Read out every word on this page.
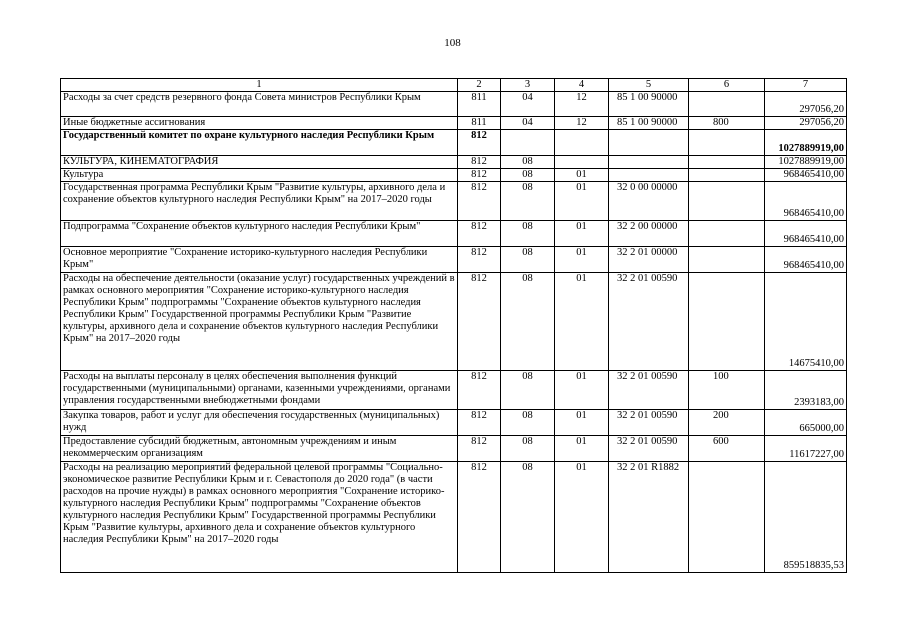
108
1	2	3	4	5	6	7
Расходы за счет средств резервного фонда Совета министров Республики Крым	811	04	12	85 1 00 90000		297056,20
Иные бюджетные ассигнования	811	04	12	85 1 00 90000	800	297056,20
Государственный комитет по охране культурного наследия Республики Крым	812					1027889919,00
КУЛЬТУРА, КИНЕМАТОГРАФИЯ	812	08				1027889919,00
Культура	812	08	01			968465410,00
Государственная программа Республики Крым "Развитие культуры, архивного дела и сохранение объектов культурного наследия Республики Крым" на 2017–2020 годы	812	08	01	32 0 00 00000		968465410,00
Подпрограмма "Сохранение объектов культурного наследия Республики Крым"	812	08	01	32 2 00 00000		968465410,00
Основное мероприятие "Сохранение историко-культурного наследия Республики Крым"	812	08	01	32 2 01 00000		968465410,00
Расходы на обеспечение деятельности (оказание услуг) государственных учреждений в рамках основного мероприятия "Сохранение историко-культурного наследия Республики Крым" подпрограммы "Сохранение объектов культурного наследия Республики Крым" Государственной программы Республики Крым "Развитие культуры, архивного дела и сохранение объектов культурного наследия Республики Крым" на 2017–2020 годы	812	08	01	32 2 01 00590		14675410,00
Расходы на выплаты персоналу в целях обеспечения выполнения функций государственными (муниципальными) органами, казенными учреждениями, органами управления государственными внебюджетными фондами	812	08	01	32 2 01 00590	100	2393183,00
Закупка товаров, работ и услуг для обеспечения государственных (муниципальных) нужд	812	08	01	32 2 01 00590	200	665000,00
Предоставление субсидий бюджетным, автономным учреждениям и иным некоммерческим организациям	812	08	01	32 2 01 00590	600	11617227,00
Расходы на реализацию мероприятий федеральной целевой программы "Социально-экономическое развитие Республики Крым и г. Севастополя до 2020 года" (в части расходов на прочие нужды) в рамках основного мероприятия "Сохранение историко-культурного наследия Республики Крым" подпрограммы "Сохранение объектов культурного наследия Республики Крым" Государственной программы Республики Крым "Развитие культуры, архивного дела и сохранение объектов культурного наследия Республики Крым" на 2017–2020 годы	812	08	01	32 2 01 R1882		859518835,53
